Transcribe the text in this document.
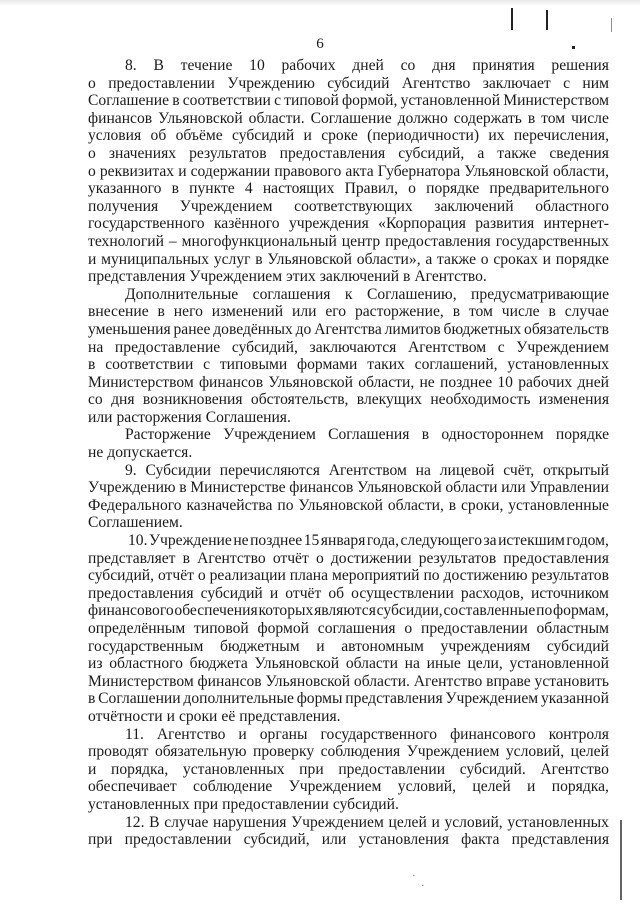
·
·
6
8. В течение 10 рабочих дней со дня принятия решения
о предоставлении Учреждению субсидий Агентство заключает с ним
Соглашение в соответствии с типовой формой, установленной Министерством
финансов Ульяновской области. Соглашение должно содержать в том числе
условия об объёме субсидий и сроке (периодичности) их перечисления,
о значениях результатов предоставления субсидий, а также сведения
о реквизитах и содержании правового акта Губернатора Ульяновской области,
указанного в пункте 4 настоящих Правил, о порядке предварительного
получения Учреждением соответствующих заключений областного
государственного казённого учреждения «Корпорация развития интернет-
технологий – многофункциональный центр предоставления государственных
и муниципальных услуг в Ульяновской области», а также о сроках и порядке
представления Учреждением этих заключений в Агентство.
Дополнительные соглашения к Соглашению, предусматривающие
внесение в него изменений или его расторжение, в том числе в случае
уменьшения ранее доведённых до Агентства лимитов бюджетных обязательств
на предоставление субсидий, заключаются Агентством с Учреждением
в соответствии с типовыми формами таких соглашений, установленных
Министерством финансов Ульяновской области, не позднее 10 рабочих дней
со дня возникновения обстоятельств, влекущих необходимость изменения
или расторжения Соглашения.
Расторжение Учреждением Соглашения в одностороннем порядке
не допускается.
9. Субсидии перечисляются Агентством на лицевой счёт, открытый
Учреждению в Министерстве финансов Ульяновской области или Управлении
Федерального казначейства по Ульяновской области, в сроки, установленные
Соглашением.
10. Учреждение не позднее 15 января года, следующего за истекшим годом,
представляет в Агентство отчёт о достижении результатов предоставления
субсидий, отчёт о реализации плана мероприятий по достижению результатов
предоставления субсидий и отчёт об осуществлении расходов, источником
финансового обеспечения которых являются субсидии, составленные по формам,
определённым типовой формой соглашения о предоставлении областным
государственным бюджетным и автономным учреждениям субсидий
из областного бюджета Ульяновской области на иные цели, установленной
Министерством финансов Ульяновской области. Агентство вправе установить
в Соглашении дополнительные формы представления Учреждением указанной
отчётности и сроки её представления.
11. Агентство и органы государственного финансового контроля
проводят обязательную проверку соблюдения Учреждением условий, целей
и порядка, установленных при предоставлении субсидий. Агентство
обеспечивает соблюдение Учреждением условий, целей и порядка,
установленных при предоставлении субсидий.
12. В случае нарушения Учреждением целей и условий, установленных
при предоставлении субсидий, или установления факта представления
